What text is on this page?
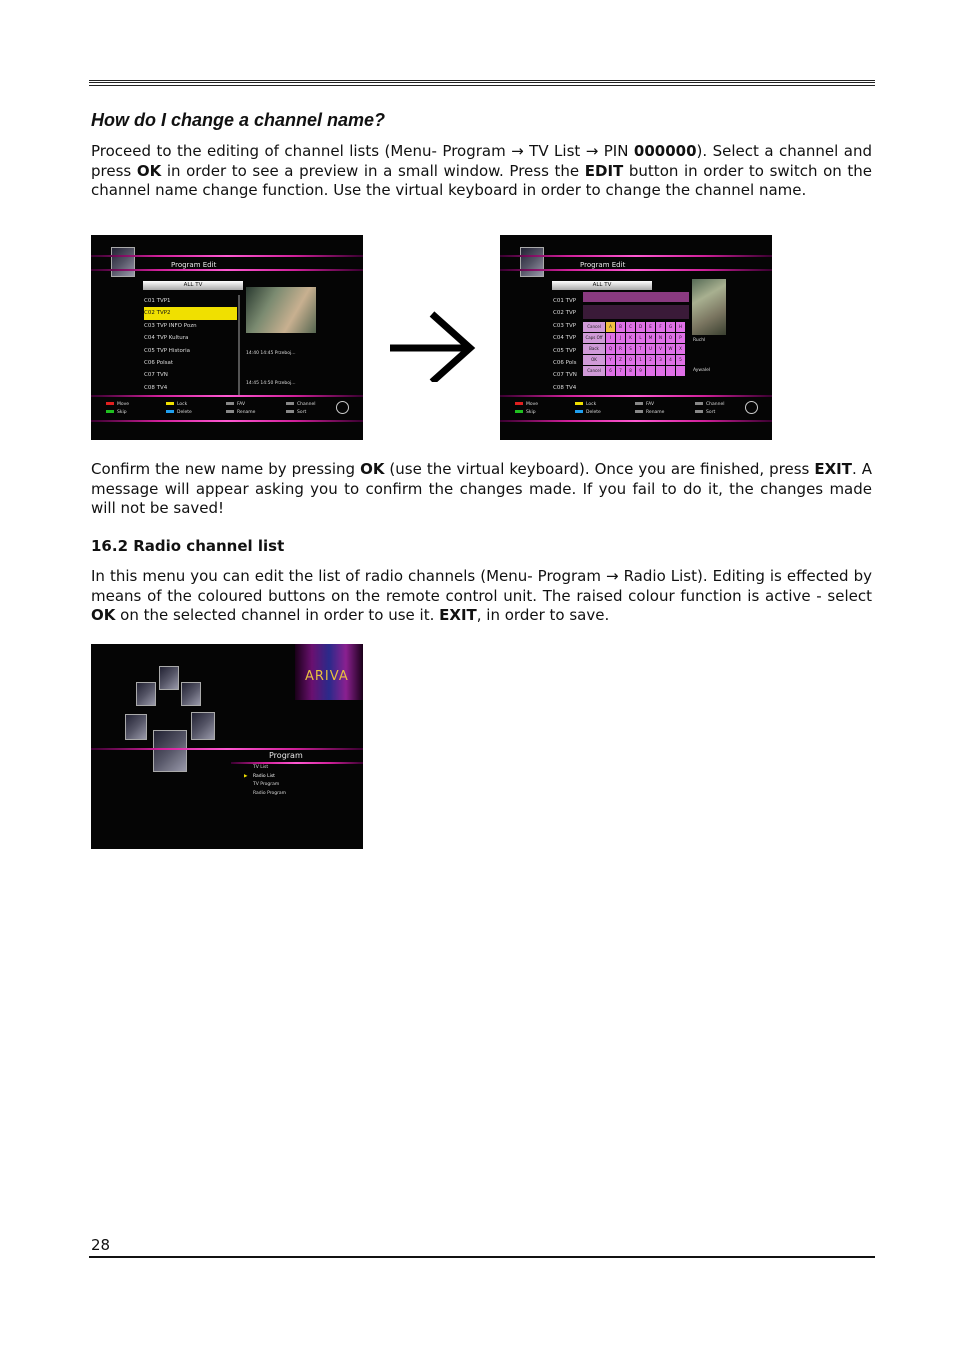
How do I change a channel name?

Proceed to the editing of channel lists (Menu- Program → TV List → PIN 000000). Select a channel and press OK in order to see a preview in a small window. Press the EDIT button in order to switch on the channel name change function. Use the virtual keyboard in order to change the channel name.

Program Edit
ALL TV
C01 TVP1
C02 TVP2
C03 TVP INFO Pozn
C04 TVP Kultura
C05 TVP Historia
C06 Polsat
C07 TVN
C08 TV4
14:40 14:45 Przeboj...
14:45 14:50 Przeboj...
Move	Lock	FAV	Channel
Skip	Delete	Rename	Sort
Program Edit
ALL TV
C01 TVP
C02 TVP
C03 TVP
C04 TVP
C05 TVP
C06 Pols
C07 TVN
C08 TV4
Cancel	A	B	C	D	E	F	G	H
Caps Off	I	J	K	L	M	N	O	P
Back	Q	R	S	T	U	V	W	X
OK	Y	Z	0	1	2	3	4	5
Cancel	6	7	8	9
Ruchl
Aywalel
Move	Lock	FAV	Channel
Skip	Delete	Rename	Sort

Confirm the new name by pressing OK (use the virtual keyboard). Once you are finished, press EXIT. A message will appear asking you to confirm the changes made. If you fail to do it, the changes made will not be saved!

16.2 Radio channel list

In this menu you can edit the list of radio channels (Menu- Program → Radio List). Editing is effected by means of the coloured buttons on the remote control unit. The raised colour function is active - select OK on the selected channel in order to use it. EXIT, in order to save.

ARIVA
Program
TV List
▶ Radio List
TV Program
Radio Program
28
